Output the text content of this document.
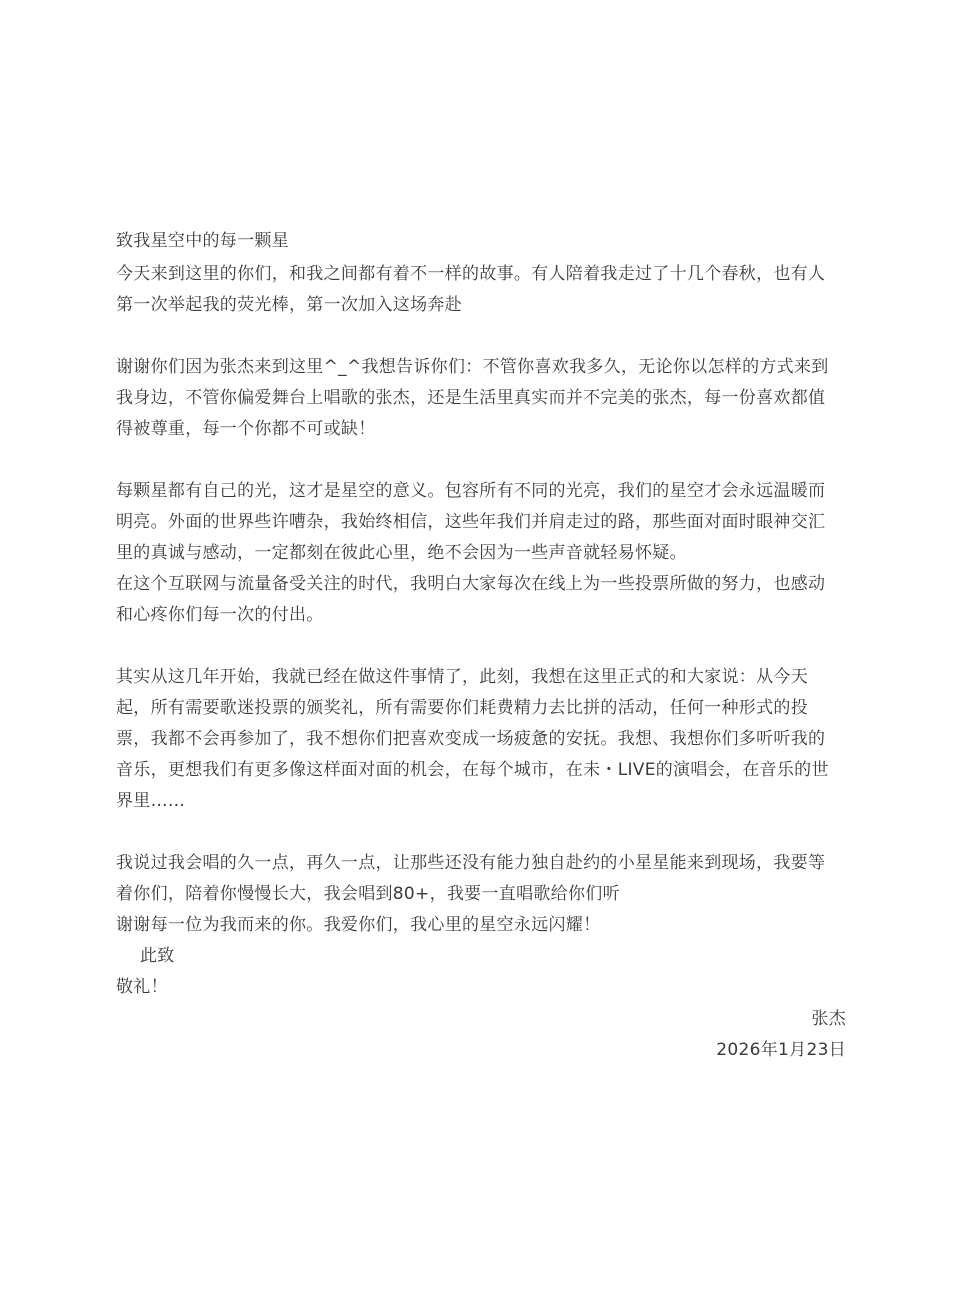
致我星空中的每一颗星
今天来到这里的你们，和我之间都有着不一样的故事。有人陪着我走过了十几个春秋，也有人
第一次举起我的荧光棒，第一次加入这场奔赴
谢谢你们因为张杰来到这里^_^我想告诉你们：不管你喜欢我多久，无论你以怎样的方式来到
我身边，不管你偏爱舞台上唱歌的张杰，还是生活里真实而并不完美的张杰，每一份喜欢都值
得被尊重，每一个你都不可或缺！
每颗星都有自己的光，这才是星空的意义。包容所有不同的光亮，我们的星空才会永远温暖而
明亮。外面的世界些许嘈杂，我始终相信，这些年我们并肩走过的路，那些面对面时眼神交汇
里的真诚与感动，一定都刻在彼此心里，绝不会因为一些声音就轻易怀疑。
在这个互联网与流量备受关注的时代，我明白大家每次在线上为一些投票所做的努力，也感动
和心疼你们每一次的付出。
其实从这几年开始，我就已经在做这件事情了，此刻，我想在这里正式的和大家说：从今天
起，所有需要歌迷投票的颁奖礼，所有需要你们耗费精力去比拼的活动，任何一种形式的投
票，我都不会再参加了，我不想你们把喜欢变成一场疲惫的安抚。我想、我想你们多听听我的
音乐，更想我们有更多像这样面对面的机会，在每个城市，在未・LIVE的演唱会，在音乐的世
界里……
我说过我会唱的久一点，再久一点，让那些还没有能力独自赴约的小星星能来到现场，我要等
着你们，陪着你慢慢长大，我会唱到80+，我要一直唱歌给你们听
谢谢每一位为我而来的你。我爱你们，我心里的星空永远闪耀！
此致
敬礼！
张杰
2026年1月23日
